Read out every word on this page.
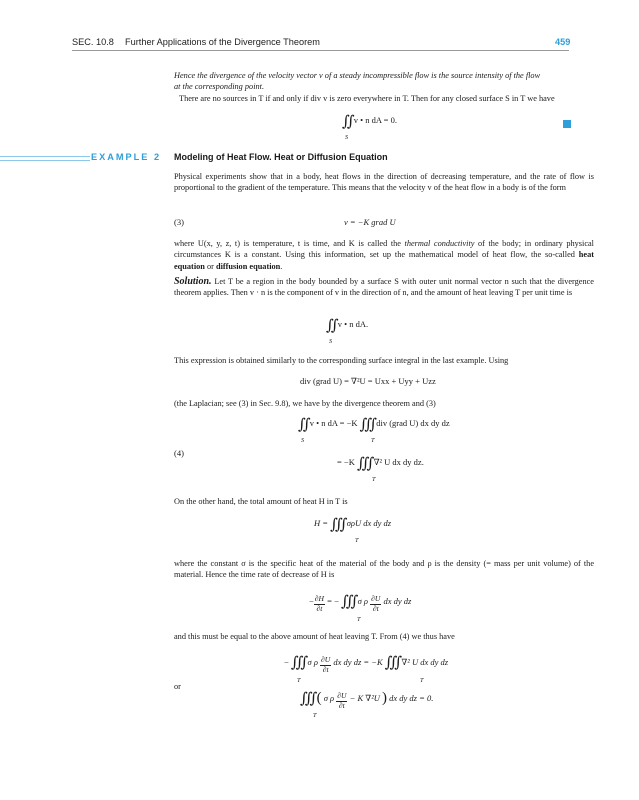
SEC. 10.8 Further Applications of the Divergence Theorem	459
Hence the divergence of the velocity vector v of a steady incompressible flow is the source intensity of the flow
at the corresponding point.
There are no sources in T if and only if div v is zero everywhere in T. Then for any closed surface S in T we have
∫∫ v • n dA = 0.
S
EXAMPLE 2 Modeling of Heat Flow. Heat or Diffusion Equation
Physical experiments show that in a body, heat flows in the direction of decreasing temperature, and the rate of flow is proportional to the gradient of the temperature. This means that the velocity v of the heat flow in a body is of the form
(3)	v = −K grad U
where U(x, y, z, t) is temperature, t is time, and K is called the thermal conductivity of the body; in ordinary physical circumstances K is a constant. Using this information, set up the mathematical model of heat flow, the so-called heat equation or diffusion equation.
Solution. Let T be a region in the body bounded by a surface S with outer unit normal vector n such that the divergence theorem applies. Then v · n is the component of v in the direction of n, and the amount of heat leaving T per unit time is
∫∫ v • n dA.
S
This expression is obtained similarly to the corresponding surface integral in the last example. Using
div (grad U) = ∇²U = Uxx + Uyy + Uzz
(the Laplacian; see (3) in Sec. 9.8), we have by the divergence theorem and (3)
∫∫ v • n dA = −K ∫∫∫ div (grad U) dx dy dz
S	T
(4)
= −K ∫∫∫ ∇² U dx dy dz.
T
On the other hand, the total amount of heat H in T is
H = ∫∫∫ σρU dx dy dz
T
where the constant σ is the specific heat of the material of the body and ρ is the density (= mass per unit volume) of the material. Hence the time rate of decrease of H is
− $\frac{\partial H}{\partial t}$ = − ∫∫∫ σ ρ $\frac{\partial U}{\partial t}$ dx dy dz
T
and this must be equal to the above amount of heat leaving T. From (4) we thus have
− ∫∫∫ σ ρ $\frac{\partial U}{\partial t}$ dx dy dz = −K ∫∫∫ ∇² U dx dy dz
T	T
or
∫∫∫ ( σ ρ $\frac{\partial U}{\partial t} - K$ ∇²U ) dx dy dz = 0.
T
